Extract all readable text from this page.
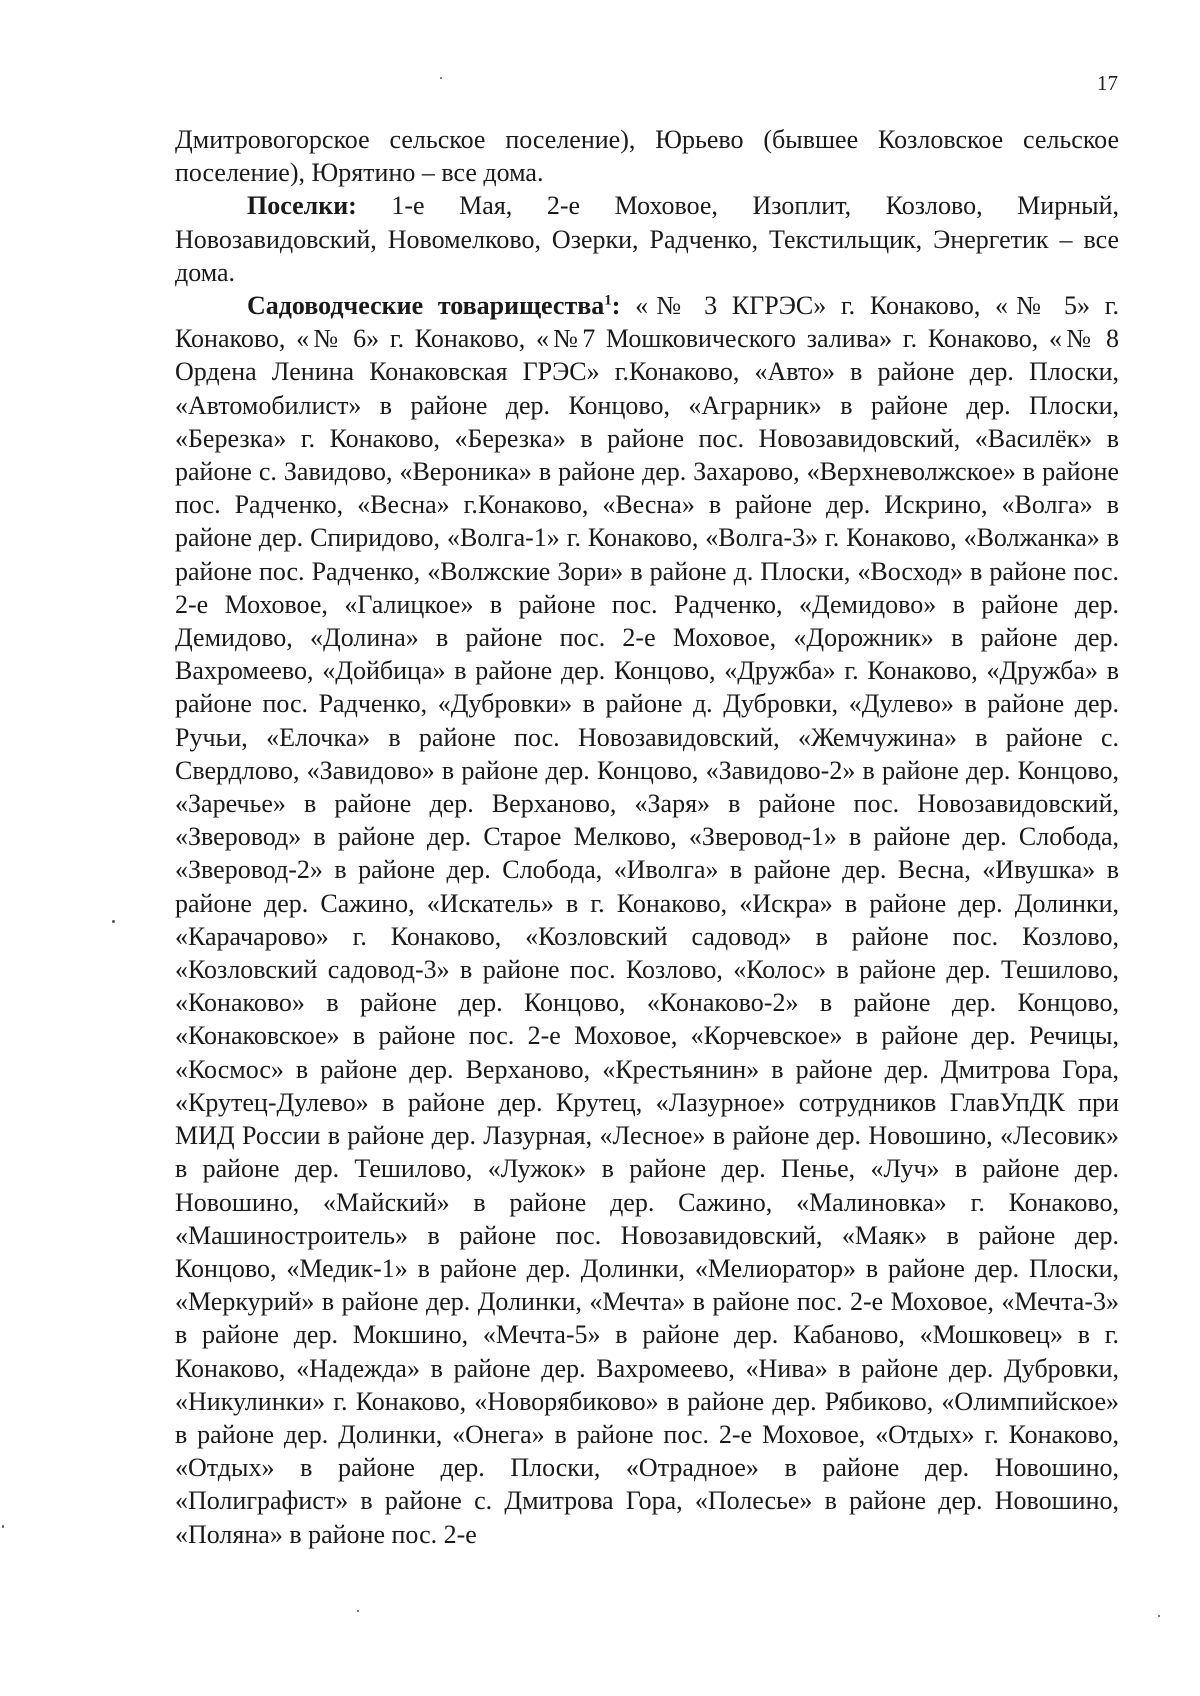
17

Дмитровогорское сельское поселение), Юрьево (бывшее Козловское сельское поселение), Юрятино – все дома.

Поселки: 1-е Мая, 2-е Моховое, Изоплит, Козлово, Мирный, Новозавидовский, Новомелково, Озерки, Радченко, Текстильщик, Энергетик – все дома.

Садоводческие товарищества$^1$: «№ 3 КГРЭС» г. Конаково, «№ 5» г. Конаково, «№ 6» г. Конаково, «№7 Мошковического залива» г. Конаково, «№ 8 Ордена Ленина Конаковская ГРЭС» г.Конаково, «Авто» в районе дер. Плоски, «Автомобилист» в районе дер. Концово, «Аграрник» в районе дер. Плоски, «Березка» г. Конаково, «Березка» в районе пос. Новозавидовский, «Василёк» в районе с. Завидово, «Вероника» в районе дер. Захарово, «Верхневолжское» в районе пос. Радченко, «Весна» г.Конаково, «Весна» в районе дер. Искрино, «Волга» в районе дер. Спиридово, «Волга-1» г. Конаково, «Волга-3» г. Конаково, «Волжанка» в районе пос. Радченко, «Волжские Зори» в районе д. Плоски, «Восход» в районе пос. 2-е Моховое, «Галицкое» в районе пос. Радченко, «Демидово» в районе дер. Демидово, «Долина» в районе пос. 2-е Моховое, «Дорожник» в районе дер. Вахромеево, «Дойбица» в районе дер. Концово, «Дружба» г. Конаково, «Дружба» в районе пос. Радченко, «Дубровки» в районе д. Дубровки, «Дулево» в районе дер. Ручьи, «Елочка» в районе пос. Новозавидовский, «Жемчужина» в районе с. Свердлово, «Завидово» в районе дер. Концово, «Завидово-2» в районе дер. Концово, «Заречье» в районе дер. Верханово, «Заря» в районе пос. Новозавидовский, «Зверовод» в районе дер. Старое Мелково, «Зверовод-1» в районе дер. Слобода, «Зверовод-2» в районе дер. Слобода, «Иволга» в районе дер. Весна, «Ивушка» в районе дер. Сажино, «Искатель» в г. Конаково, «Искра» в районе дер. Долинки, «Карачарово» г. Конаково, «Козловский садовод» в районе пос. Козлово, «Козловский садовод-3» в районе пос. Козлово, «Колос» в районе дер. Тешилово, «Конаково» в районе дер. Концово, «Конаково-2» в районе дер. Концово, «Конаковское» в районе пос. 2-е Моховое, «Корчевское» в районе дер. Речицы, «Космос» в районе дер. Верханово, «Крестьянин» в районе дер. Дмитрова Гора, «Крутец-Дулево» в районе дер. Крутец, «Лазурное» сотрудников ГлавУпДК при МИД России в районе дер. Лазурная, «Лесное» в районе дер. Новошино, «Лесовик» в районе дер. Тешилово, «Лужок» в районе дер. Пенье, «Луч» в районе дер. Новошино, «Майский» в районе дер. Сажино, «Малиновка» г. Конаково, «Машиностроитель» в районе пос. Новозавидовский, «Маяк» в районе дер. Концово, «Медик-1» в районе дер. Долинки, «Мелиоратор» в районе дер. Плоски, «Меркурий» в районе дер. Долинки, «Мечта» в районе пос. 2-е Моховое, «Мечта-3» в районе дер. Мокшино, «Мечта-5» в районе дер. Кабаново, «Мошковец» в г. Конаково, «Надежда» в районе дер. Вахромеево, «Нива» в районе дер. Дубровки, «Никулинки» г. Конаково, «Новорябиково» в районе дер. Рябиково, «Олимпийское» в районе дер. Долинки, «Онега» в районе пос. 2-е Моховое, «Отдых» г. Конаково, «Отдых» в районе дер. Плоски, «Отрадное» в районе дер. Новошино, «Полиграфист» в районе с. Дмитрова Гора, «Полесье» в районе дер. Новошино, «Поляна» в районе пос. 2-е
